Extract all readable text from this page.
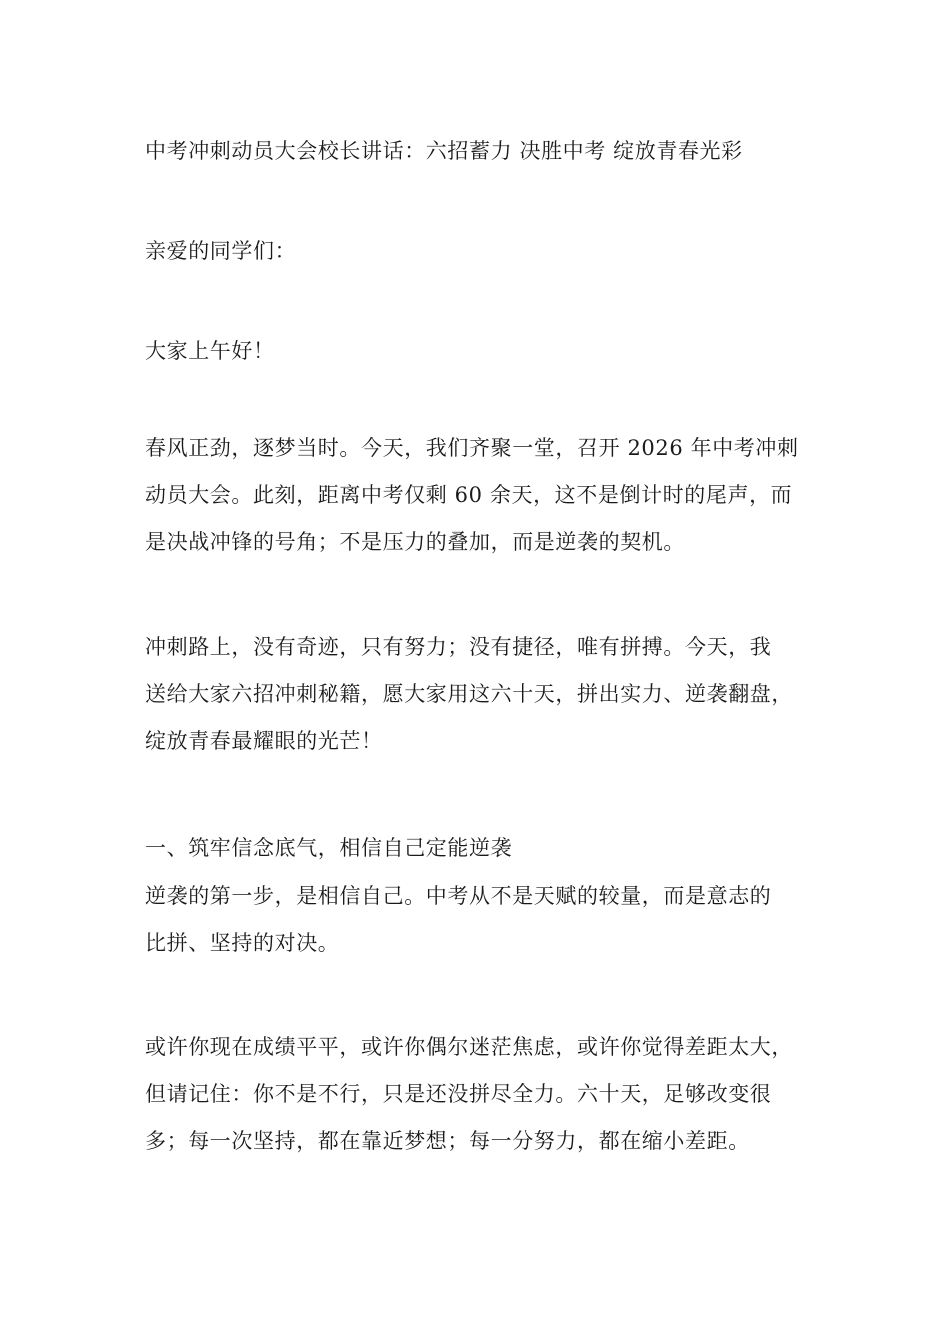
中考冲刺动员大会校长讲话：六招蓄力 决胜中考 绽放青春光彩
亲爱的同学们：
大家上午好！
春风正劲，逐梦当时。今天，我们齐聚一堂，召开 2026 年中考冲刺
动员大会。此刻，距离中考仅剩 60 余天，这不是倒计时的尾声，而
是决战冲锋的号角；不是压力的叠加，而是逆袭的契机。
冲刺路上，没有奇迹，只有努力；没有捷径，唯有拼搏。今天，我
送给大家六招冲刺秘籍，愿大家用这六十天，拼出实力、逆袭翻盘，
绽放青春最耀眼的光芒！
一、筑牢信念底气，相信自己定能逆袭
逆袭的第一步，是相信自己。中考从不是天赋的较量，而是意志的
比拼、坚持的对决。
或许你现在成绩平平，或许你偶尔迷茫焦虑，或许你觉得差距太大，
但请记住：你不是不行，只是还没拼尽全力。六十天，足够改变很
多；每一次坚持，都在靠近梦想；每一分努力，都在缩小差距。
